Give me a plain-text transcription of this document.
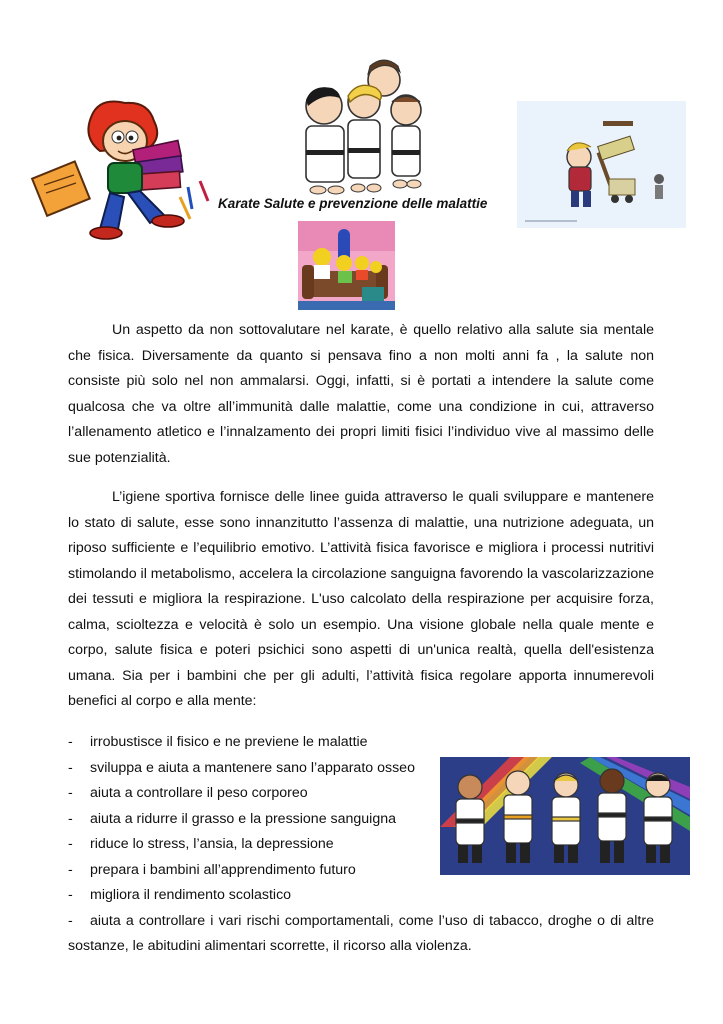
Karate Salute e prevenzione delle malattie

Un aspetto da non sottovalutare nel karate, è quello relativo alla salute sia mentale che fisica. Diversamente da quanto si pensava fino a non molti anni fa , la salute non consiste più solo nel non ammalarsi. Oggi, infatti, si è portati a intendere la salute come qualcosa che va oltre all’immunità dalle malattie, come una condizione in cui, attraverso l’allenamento atletico e l’innalzamento dei propri limiti fisici l’individuo vive al massimo delle sue potenzialità.

L’igiene sportiva fornisce delle linee guida attraverso le quali sviluppare e mantenere lo stato di salute, esse sono innanzitutto l’assenza di malattie, una nutrizione adeguata, un riposo sufficiente e l’equilibrio emotivo. L’attività fisica favorisce e migliora i processi nutritivi stimolando il metabolismo, accelera la circolazione sanguigna favorendo la vascolarizzazione dei tessuti e migliora la respirazione. L'uso calcolato della respirazione per acquisire forza, calma, scioltezza e velocità è solo un esempio. Una visione globale nella quale mente e corpo, salute fisica e poteri psichici sono aspetti di un'unica realtà, quella dell'esistenza umana. Sia per i bambini che per gli adulti, l’attività fisica regolare apporta innumerevoli benefici al corpo e alla mente:

- irrobustisce il fisico e ne previene le malattie
- sviluppa e aiuta a mantenere sano l’apparato osseo
- aiuta a controllare il peso corporeo
- aiuta a ridurre il grasso e la pressione sanguigna
- riduce lo stress, l’ansia, la depressione
- prepara i bambini all’apprendimento futuro
- migliora il rendimento scolastico
- aiuta a controllare i vari rischi comportamentali, come l’uso di tabacco, droghe o di altre sostanze, le abitudini alimentari scorrette, il ricorso alla violenza.
